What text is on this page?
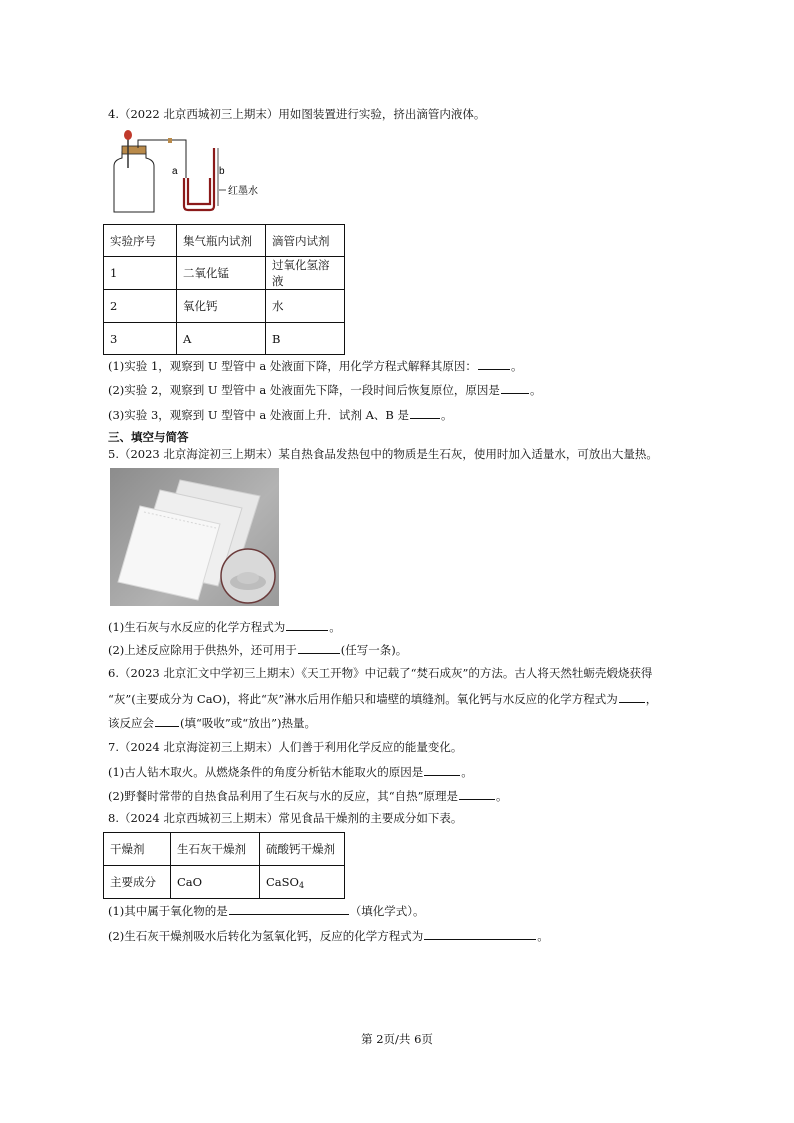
4.（2022 北京西城初三上期末）用如图装置进行实验，挤出滴管内液体。
a	b
红墨水
实验序号	集气瓶内试剂	滴管内试剂
1	二氧化锰	过氧化氢溶液
2	氧化钙	水
3	A	B
(1)实验 1，观察到 U 型管中 a 处液面下降，用化学方程式解释其原因：	。
(2)实验 2，观察到 U 型管中 a 处液面先下降，一段时间后恢复原位，原因是	。
(3)实验 3，观察到 U 型管中 a 处液面上升．试剂 A、B 是	。
三、填空与简答
5.（2023 北京海淀初三上期末）某自热食品发热包中的物质是生石灰，使用时加入适量水，可放出大量热。
(1)生石灰与水反应的化学方程式为	。
(2)上述反应除用于供热外，还可用于	(任写一条)。
6.（2023 北京汇文中学初三上期末）《天工开物》中记载了“焚石成灰”的方法。古人将天然牡蛎壳煅烧获得
“灰”(主要成分为 CaO)，将此“灰”淋水后用作船只和墙壁的填缝剂。氧化钙与水反应的化学方程式为 ，
该反应会 (填“吸收”或“放出”)热量。
7.（2024 北京海淀初三上期末）人们善于利用化学反应的能量变化。
(1)古人钻木取火。从燃烧条件的角度分析钻木能取火的原因是	。
(2)野餐时常带的自热食品利用了生石灰与水的反应，其“自热”原理是	。
8.（2024 北京西城初三上期末）常见食品干燥剂的主要成分如下表。
干燥剂	生石灰干燥剂	硫酸钙干燥剂
主要成分	CaO	CaSO4
(1)其中属于氧化物的是	（填化学式）。
(2)生石灰干燥剂吸水后转化为氢氧化钙，反应的化学方程式为	。
第 2页/共 6页
